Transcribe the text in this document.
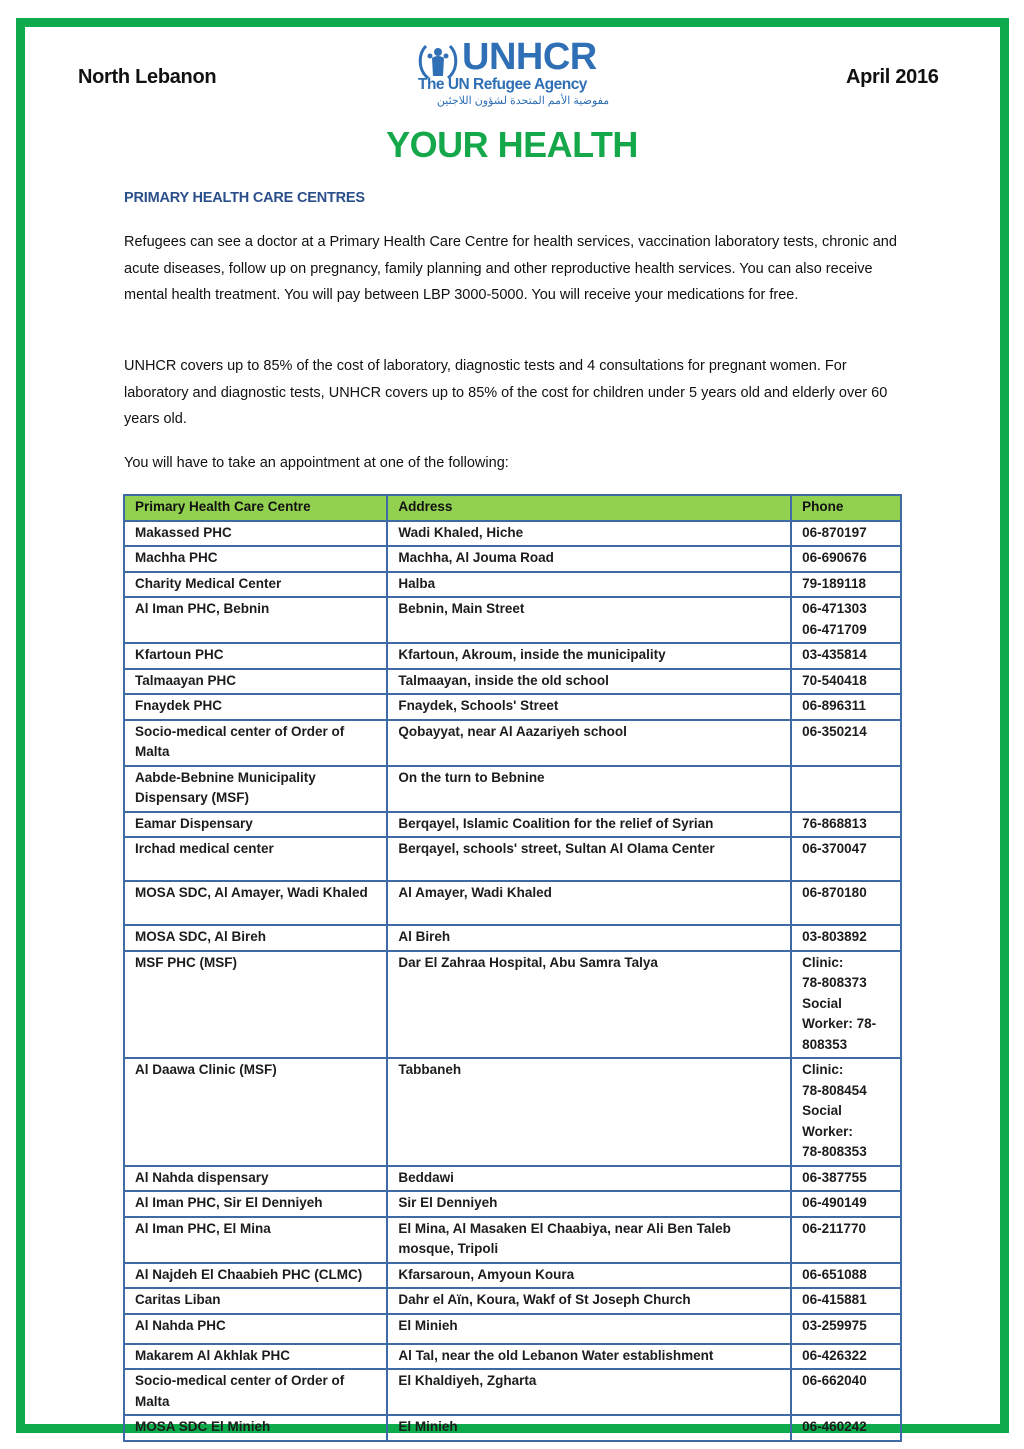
North Lebanon	UNHCR
The UN Refugee Agency
مفوضية الأمم المتحدة لشؤون اللاجئين
April 2016
YOUR HEALTH
PRIMARY HEALTH CARE CENTRES

Refugees can see a doctor at a Primary Health Care Centre for health services, vaccination laboratory tests, chronic and acute diseases, follow up on pregnancy, family planning and other reproductive health services. You can also receive mental health treatment. You will pay between LBP 3000-5000. You will receive your medications for free.

UNHCR covers up to 85% of the cost of laboratory, diagnostic tests and 4 consultations for pregnant women. For laboratory and diagnostic tests, UNHCR covers up to 85% of the cost for children under 5 years old and elderly over 60 years old.

You will have to take an appointment at one of the following:

Primary Health Care Centre	Address	Phone
Makassed PHC	Wadi Khaled, Hiche	06-870197

Machha PHC	Machha, Al Jouma Road	06-690676

Charity Medical Center	Halba	79-189118

Al Iman PHC, Bebnin	Bebnin, Main Street	06-471303
06-471709

Kfartoun PHC	Kfartoun, Akroum, inside the municipality	03-435814

Talmaayan PHC	Talmaayan, inside the old school	70-540418

Fnaydek PHC	Fnaydek, Schools' Street	06-896311

Socio-medical center of Order of Malta	Qobayyat, near Al Aazariyeh school	06-350214

Aabde-Bebnine Municipality Dispensary (MSF)	On the turn to Bebnine	
Eamar Dispensary	Berqayel, Islamic Coalition for the relief of Syrian	76-868813

Irchad medical center	Berqayel, schools' street, Sultan Al Olama Center	06-370047

MOSA SDC, Al Amayer, Wadi Khaled	Al Amayer, Wadi Khaled	06-870180

MOSA SDC, Al Bireh	Al Bireh	03-803892

MSF PHC (MSF)	Dar El Zahraa Hospital, Abu Samra Talya	Clinic:
78-808373
Social
Worker: 78-
808353

Al Daawa Clinic (MSF)	Tabbaneh	Clinic:
78-808454
Social
Worker:
78-808353

Al Nahda dispensary	Beddawi	06-387755

Al Iman PHC, Sir El Denniyeh	Sir El Denniyeh	06-490149

Al Iman PHC, El Mina	El Mina, Al Masaken El Chaabiya, near Ali Ben Taleb mosque, Tripoli	06-211770

Al Najdeh El Chaabieh PHC (CLMC)	Kfarsaroun, Amyoun Koura	06-651088

Caritas Liban	Dahr el Aïn, Koura, Wakf of St Joseph Church	06-415881

Al Nahda PHC	El Minieh	03-259975

Makarem Al Akhlak PHC	Al Tal, near the old Lebanon Water establishment	06-426322

Socio-medical center of Order of Malta	El Khaldiyeh, Zgharta	06-662040

MOSA SDC El Minieh	El Minieh	06-460242
